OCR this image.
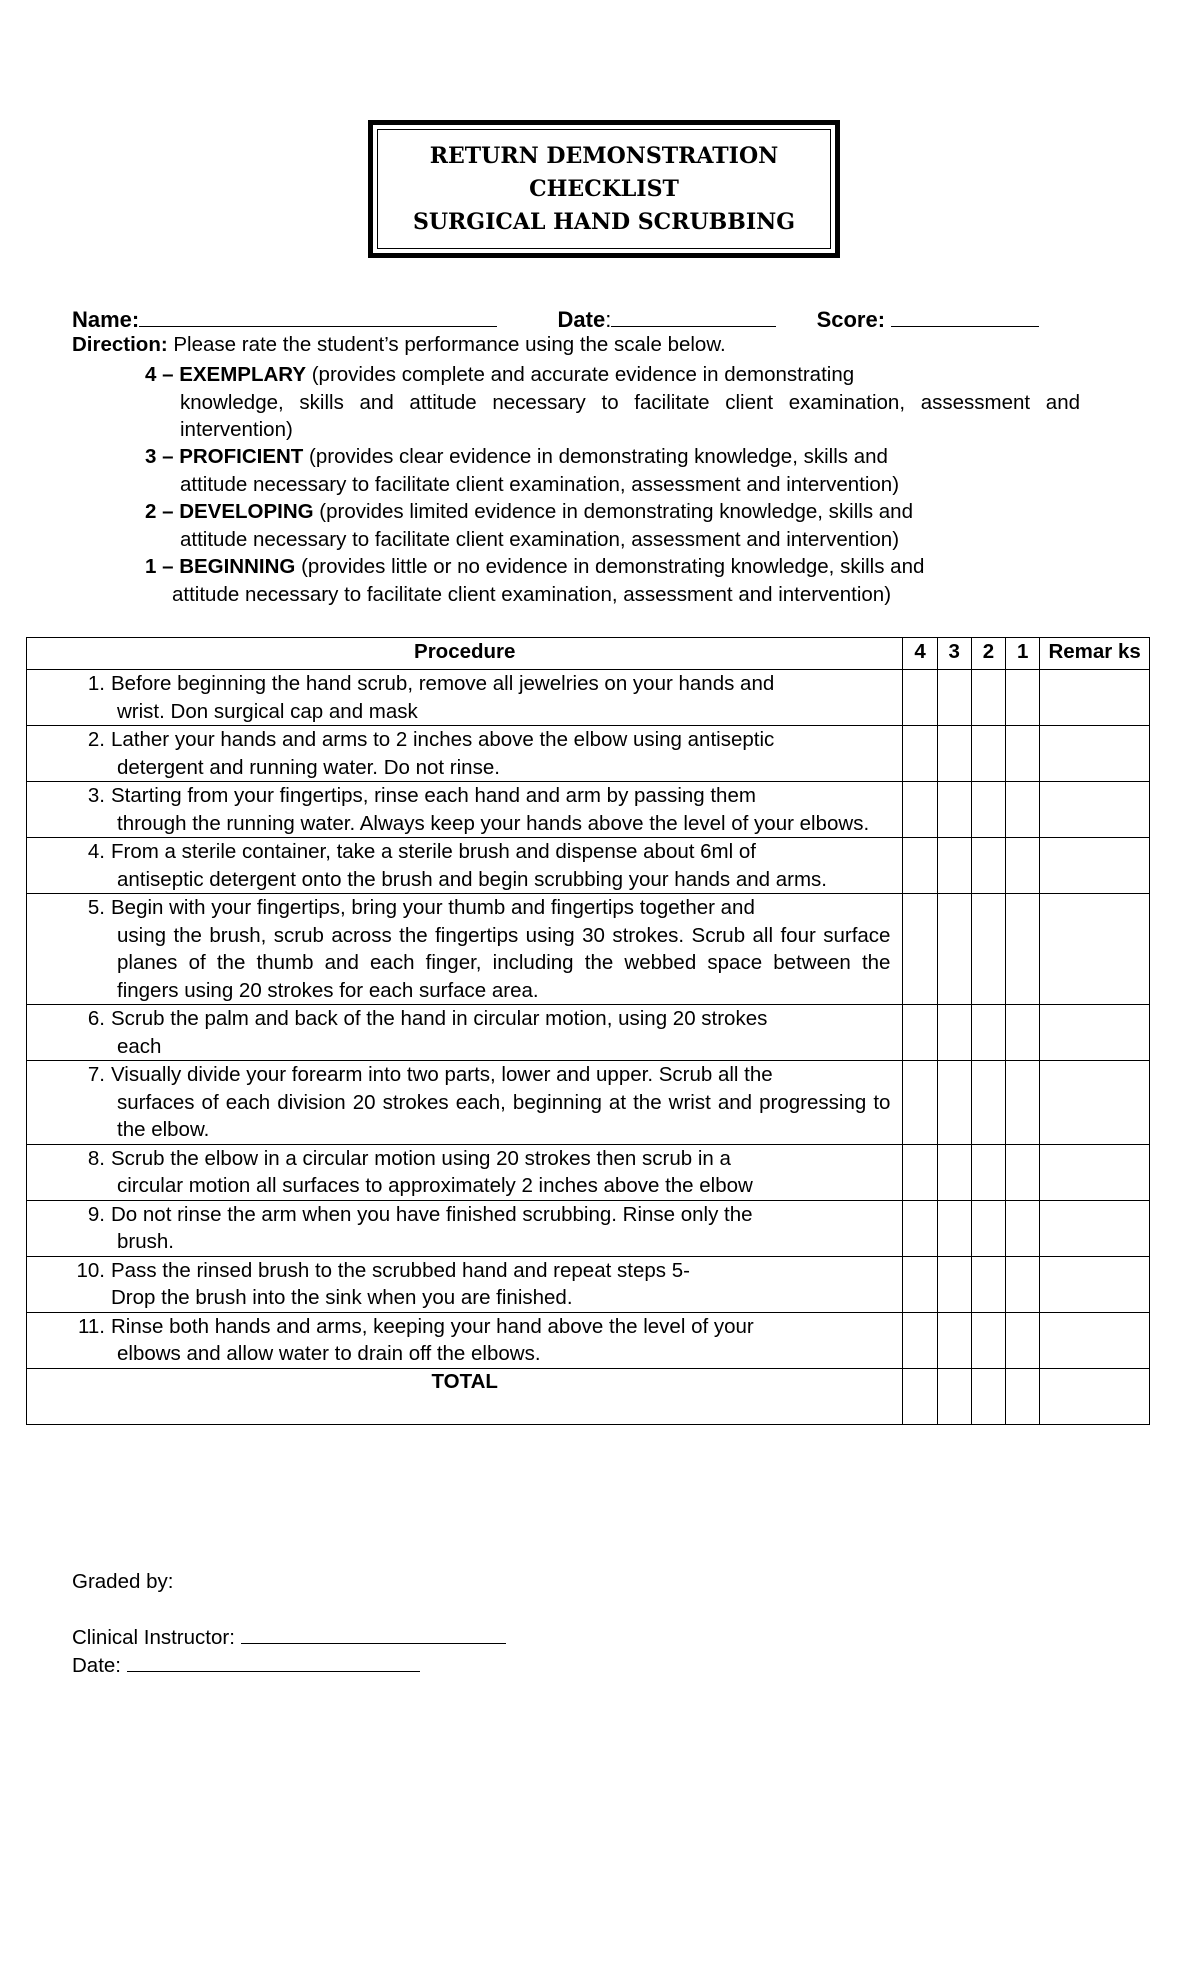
RETURN DEMONSTRATION
CHECKLIST
SURGICAL HAND SCRUBBING
Name:	Date:	Score:
Direction: Please rate the student’s performance using the scale below.
4 – EXEMPLARY (provides complete and accurate evidence in demonstrating
knowledge, skills and attitude necessary to facilitate client examination, assessment and intervention)
3 – PROFICIENT (provides clear evidence in demonstrating knowledge, skills and
attitude necessary to facilitate client examination, assessment and intervention)
2 – DEVELOPING (provides limited evidence in demonstrating knowledge, skills and
attitude necessary to facilitate client examination, assessment and intervention)
1 – BEGINNING (provides little or no evidence in demonstrating knowledge, skills and
attitude necessary to facilitate client examination, assessment and intervention)
Procedure	4	3	2	1	Remar ks

1. Before beginning the hand scrub, remove all jewelries on your hands and
wrist. Don surgical cap and mask					

2. Lather your hands and arms to 2 inches above the elbow using antiseptic
detergent and running water. Do not rinse.					

3. Starting from your fingertips, rinse each hand and arm by passing them
through the running water. Always keep your hands above the level of your elbows.					

4. From a sterile container, take a sterile brush and dispense about 6ml of
antiseptic detergent onto the brush and begin scrubbing your hands and arms.					

5. Begin with your fingertips, bring your thumb and fingertips together and
using the brush, scrub across the fingertips using 30 strokes. Scrub all four surface planes of the thumb and each finger, including the webbed space between the fingers using 20 strokes for each surface area.					

6. Scrub the palm and back of the hand in circular motion, using 20 strokes
each					

7. Visually divide your forearm into two parts, lower and upper. Scrub all the
surfaces of each division 20 strokes each, beginning at the wrist and progressing to the elbow.					

8. Scrub the elbow in a circular motion using 20 strokes then scrub in a
circular motion all surfaces to approximately 2 inches above the elbow					

9. Do not rinse the arm when you have finished scrubbing. Rinse only the
brush.					

10. Pass the rinsed brush to the scrubbed hand and repeat steps 5-
Drop the brush into the sink when you are finished.					

11. Rinse both hands and arms, keeping your hand above the level of your
elbows and allow water to drain off the elbows.					

TOTAL					
Graded by:
Clinical Instructor:
Date:
